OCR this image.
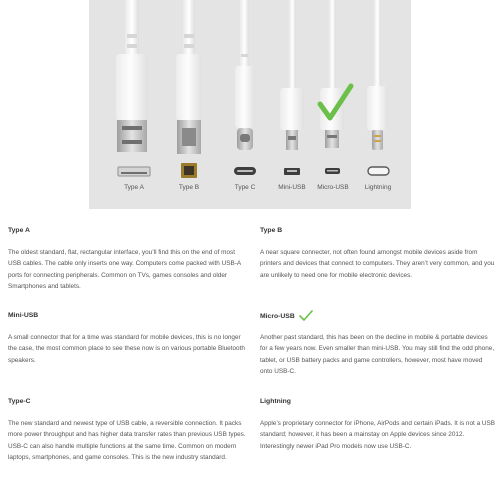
Type A	Type B	Type C	Mini-USB	Micro-USB	Lightning
Type A

The oldest standard, flat, rectangular interface, you’ll find this on the end of most USB cables. The cable only inserts one way. Computers come packed with USB-A ports for connecting peripherals. Common on TVs, games consoles and older Smartphones and tablets.

Type B

A near square connecter, not often found amongst mobile devices aside from printers and devices that connect to computers. They aren’t very common, and you are unlikely to need one for mobile electronic devices.

Mini-USB

A small connector that for a time was standard for mobile devices, this is no longer the case, the most common place to see these now is on various portable Bluetooth speakers.

Micro-USB

Another past standard, this has been on the decline in mobile & portable devices for a few years now. Even smaller than mini-USB. You may still find the odd phone, tablet, or USB battery packs and game controllers, however, most have moved onto USB-C.

Type-C

The new standard and newest type of USB cable, a reversible connection. It packs more power throughput and has higher data transfer rates than previous USB types. USB-C can also handle multiple functions at the same time. Common on modern laptops, smartphones, and game consoles. This is the new industry standard.

Lightning

Apple’s proprietary connector for iPhone, AirPods and certain iPads. It is not a USB standard; however, it has been a mainstay on Apple devices since 2012. Interestingly newer iPad Pro models now use USB-C.
